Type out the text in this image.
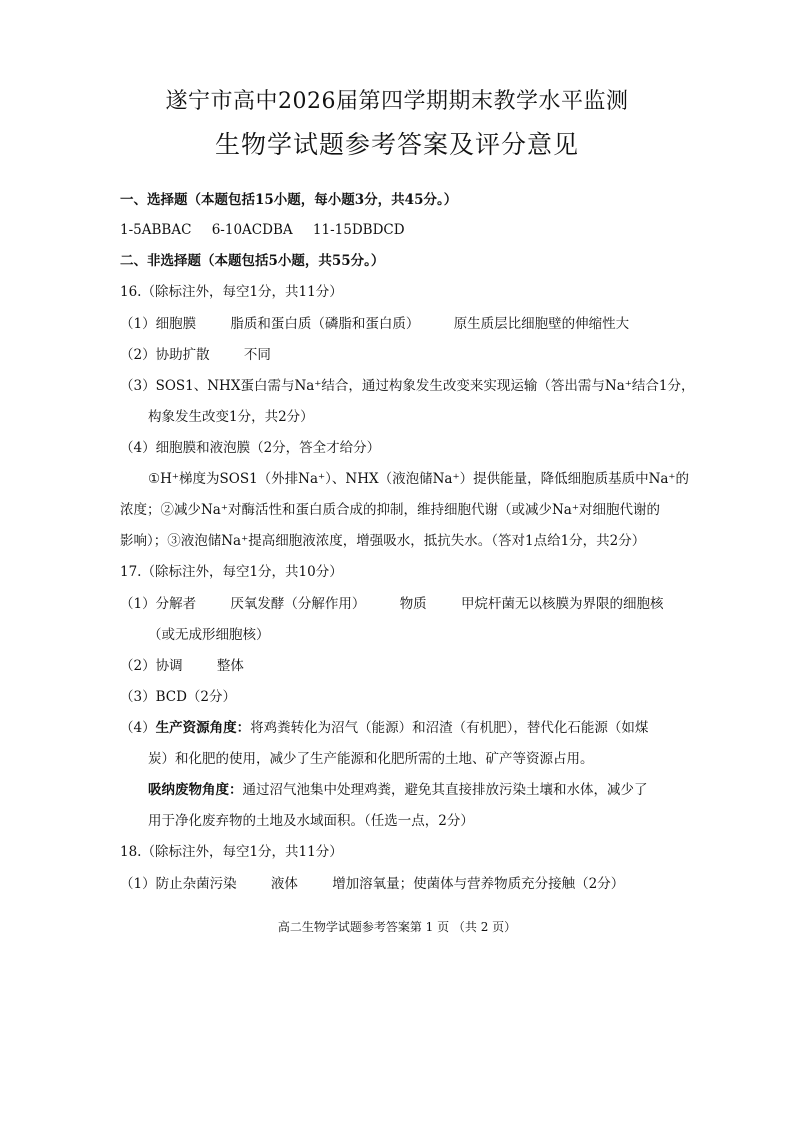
遂宁市高中2026届第四学期期末教学水平监测
生物学试题参考答案及评分意见
一、选择题（本题包括15小题，每小题3分，共45分。）
1-5ABBAC 6-10ACDBA 11-15DBDCD
二、非选择题（本题包括5小题，共55分。）
16.（除标注外，每空1分，共11分）
（1）细胞膜	脂质和蛋白质（磷脂和蛋白质）	原生质层比细胞壁的伸缩性大
（2）协助扩散	不同
（3）SOS1、NHX蛋白需与Na⁺结合，通过构象发生改变来实现运输（答出需与Na⁺结合1分，
构象发生改变1分，共2分）
（4）细胞膜和液泡膜（2分，答全才给分）
①H⁺梯度为SOS1（外排Na⁺）、NHX（液泡储Na⁺）提供能量，降低细胞质基质中Na⁺的
浓度；②减少Na⁺对酶活性和蛋白质合成的抑制，维持细胞代谢（或减少Na⁺对细胞代谢的
影响）；③液泡储Na⁺提高细胞液浓度，增强吸水，抵抗失水。（答对1点给1分，共2分）
17.（除标注外，每空1分，共10分）
（1）分解者	厌氧发酵（分解作用）	物质	甲烷杆菌无以核膜为界限的细胞核
（或无成形细胞核）
（2）协调	整体
（3）BCD（2分）
（4）生产资源角度：将鸡粪转化为沼气（能源）和沼渣（有机肥），替代化石能源（如煤
炭）和化肥的使用，减少了生产能源和化肥所需的土地、矿产等资源占用。
吸纳废物角度：通过沼气池集中处理鸡粪，避免其直接排放污染土壤和水体，减少了
用于净化废弃物的土地及水域面积。（任选一点，2分）
18.（除标注外，每空1分，共11分）
（1）防止杂菌污染	液体	增加溶氧量；使菌体与营养物质充分接触（2分）
高二生物学试题参考答案第 1 页 （共 2 页）
